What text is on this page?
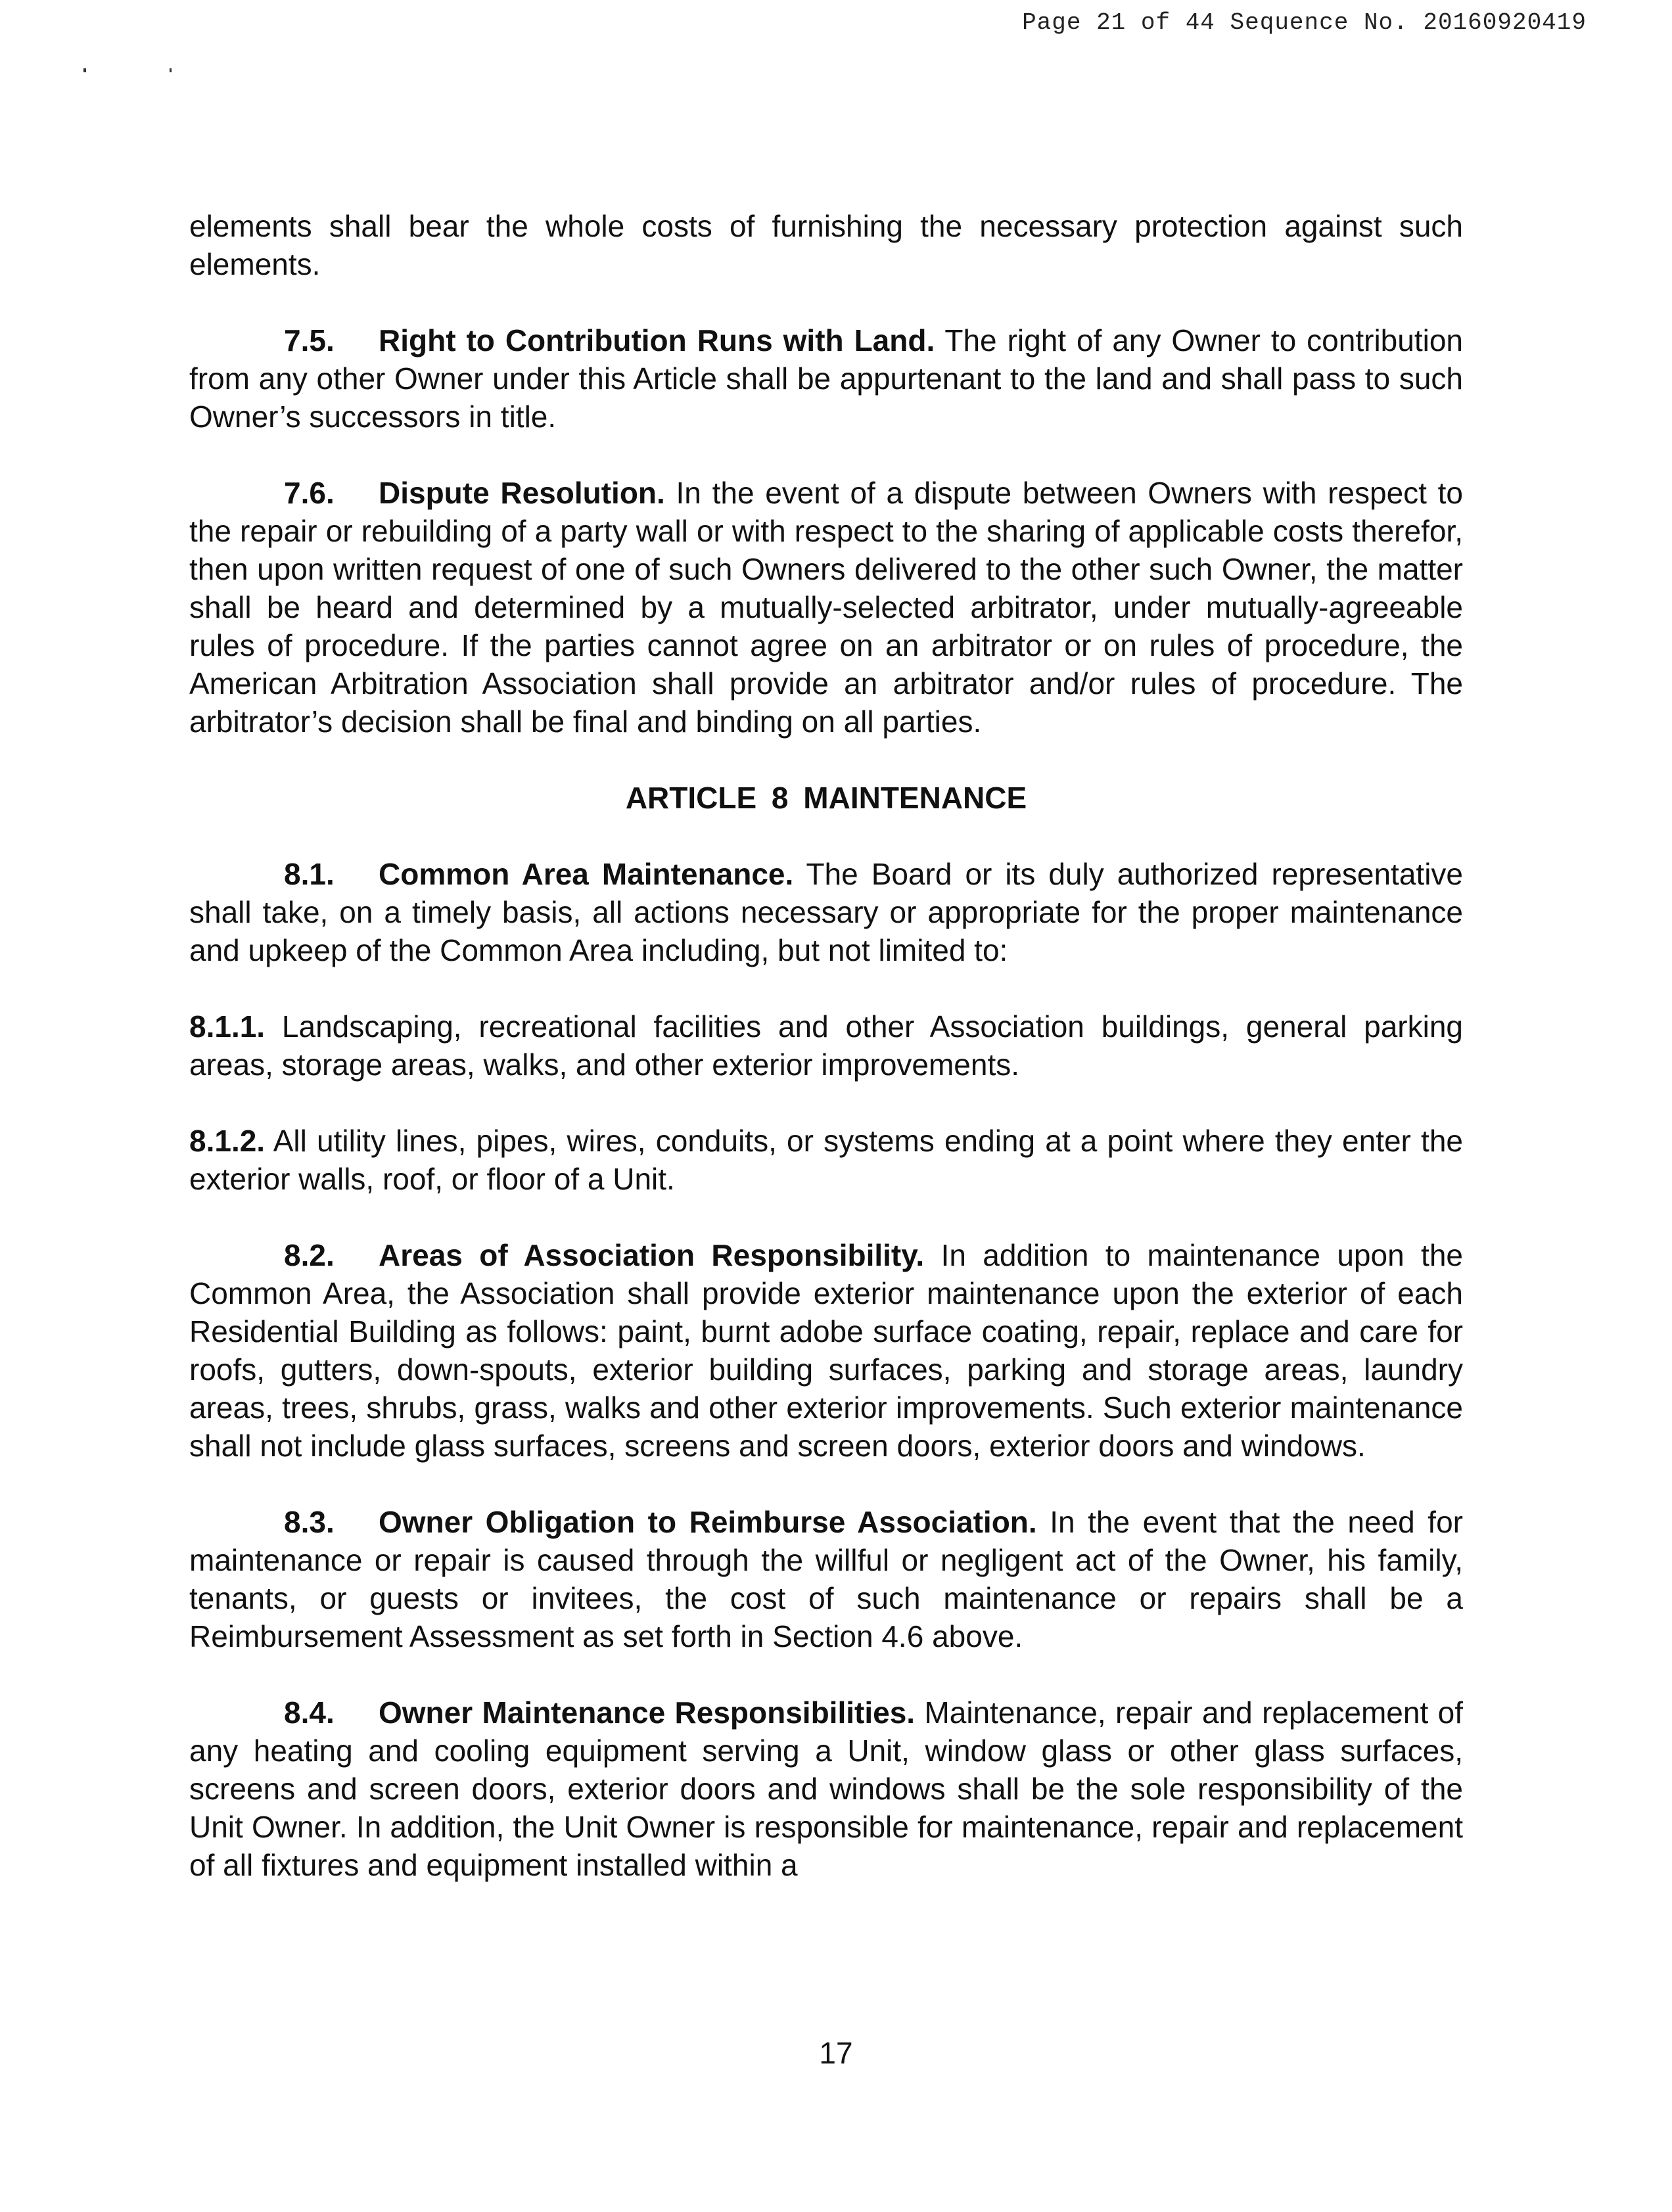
Page 21 of 44 Sequence No. 20160920419

elements shall bear the whole costs of furnishing the necessary protection against such elements.

7.5. Right to Contribution Runs with Land. The right of any Owner to contribution from any other Owner under this Article shall be appurtenant to the land and shall pass to such Owner’s successors in title.

7.6. Dispute Resolution. In the event of a dispute between Owners with respect to the repair or rebuilding of a party wall or with respect to the sharing of applicable costs therefor, then upon written request of one of such Owners delivered to the other such Owner, the matter shall be heard and determined by a mutually-selected arbitrator, under mutually-agreeable rules of procedure. If the parties cannot agree on an arbitrator or on rules of procedure, the American Arbitration Association shall provide an arbitrator and/or rules of procedure. The arbitrator’s decision shall be final and binding on all parties.

ARTICLE 8 MAINTENANCE

8.1. Common Area Maintenance. The Board or its duly authorized representative shall take, on a timely basis, all actions necessary or appropriate for the proper maintenance and upkeep of the Common Area including, but not limited to:

8.1.1. Landscaping, recreational facilities and other Association buildings, general parking areas, storage areas, walks, and other exterior improvements.

8.1.2. All utility lines, pipes, wires, conduits, or systems ending at a point where they enter the exterior walls, roof, or floor of a Unit.

8.2. Areas of Association Responsibility. In addition to maintenance upon the Common Area, the Association shall provide exterior maintenance upon the exterior of each Residential Building as follows: paint, burnt adobe surface coating, repair, replace and care for roofs, gutters, down-spouts, exterior building surfaces, parking and storage areas, laundry areas, trees, shrubs, grass, walks and other exterior improvements. Such exterior maintenance shall not include glass surfaces, screens and screen doors, exterior doors and windows.

8.3. Owner Obligation to Reimburse Association. In the event that the need for maintenance or repair is caused through the willful or negligent act of the Owner, his family, tenants, or guests or invitees, the cost of such maintenance or repairs shall be a Reimbursement Assessment as set forth in Section 4.6 above.

8.4. Owner Maintenance Responsibilities. Maintenance, repair and replacement of any heating and cooling equipment serving a Unit, window glass or other glass surfaces, screens and screen doors, exterior doors and windows shall be the sole responsibility of the Unit Owner. In addition, the Unit Owner is responsible for maintenance, repair and replacement of all fixtures and equipment installed within a

17
